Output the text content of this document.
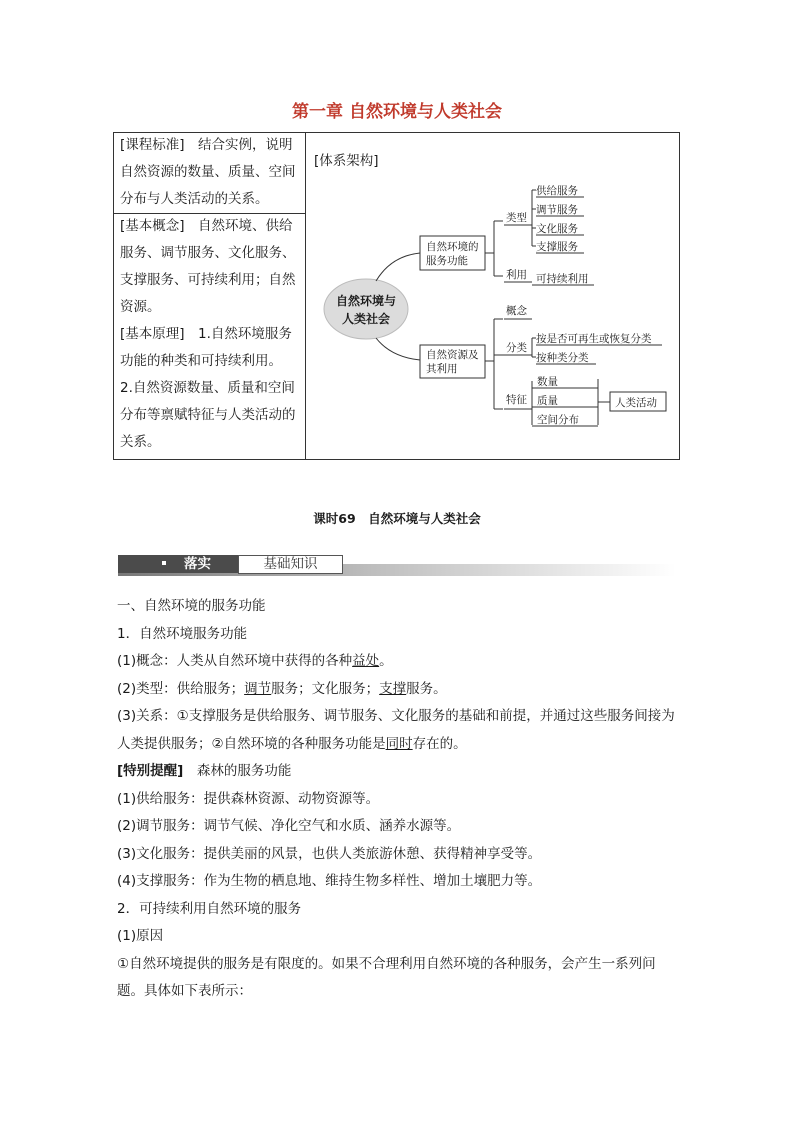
第一章 自然环境与人类社会

[课程标准]　结合实例，说明自然资源的数量、质量、空间分布与人类活动的关系。

[基本概念]　自然环境、供给服务、调节服务、文化服务、支撑服务、可持续利用；自然资源。

[基本原理]　1.自然环境服务功能的种类和可持续利用。

2.自然资源数量、质量和空间分布等禀赋特征与人类活动的关系。

[体系架构]
自然环境与
人类社会
自然环境的
服务功能
类型
供给服务
调节服务
文化服务
支撑服务
利用 可持续利用
自然资源及
其利用
概念
分类
按是否可再生或恢复分类
按种类分类
特征
数量
质量
空间分布
人类活动
课时69　自然环境与人类社会
落实	基础知识

一、自然环境的服务功能

1．自然环境服务功能

(1)概念：人类从自然环境中获得的各种益处。

(2)类型：供给服务；调节服务；文化服务；支撑服务。

(3)关系：①支撑服务是供给服务、调节服务、文化服务的基础和前提，并通过这些服务间接为人类提供服务；②自然环境的各种服务功能是同时存在的。

[特别提醒]　森林的服务功能

(1)供给服务：提供森林资源、动物资源等。

(2)调节服务：调节气候、净化空气和水质、涵养水源等。

(3)文化服务：提供美丽的风景，也供人类旅游休憩、获得精神享受等。

(4)支撑服务：作为生物的栖息地、维持生物多样性、增加土壤肥力等。

2．可持续利用自然环境的服务

(1)原因

①自然环境提供的服务是有限度的。如果不合理利用自然环境的各种服务，会产生一系列问题。具体如下表所示：
